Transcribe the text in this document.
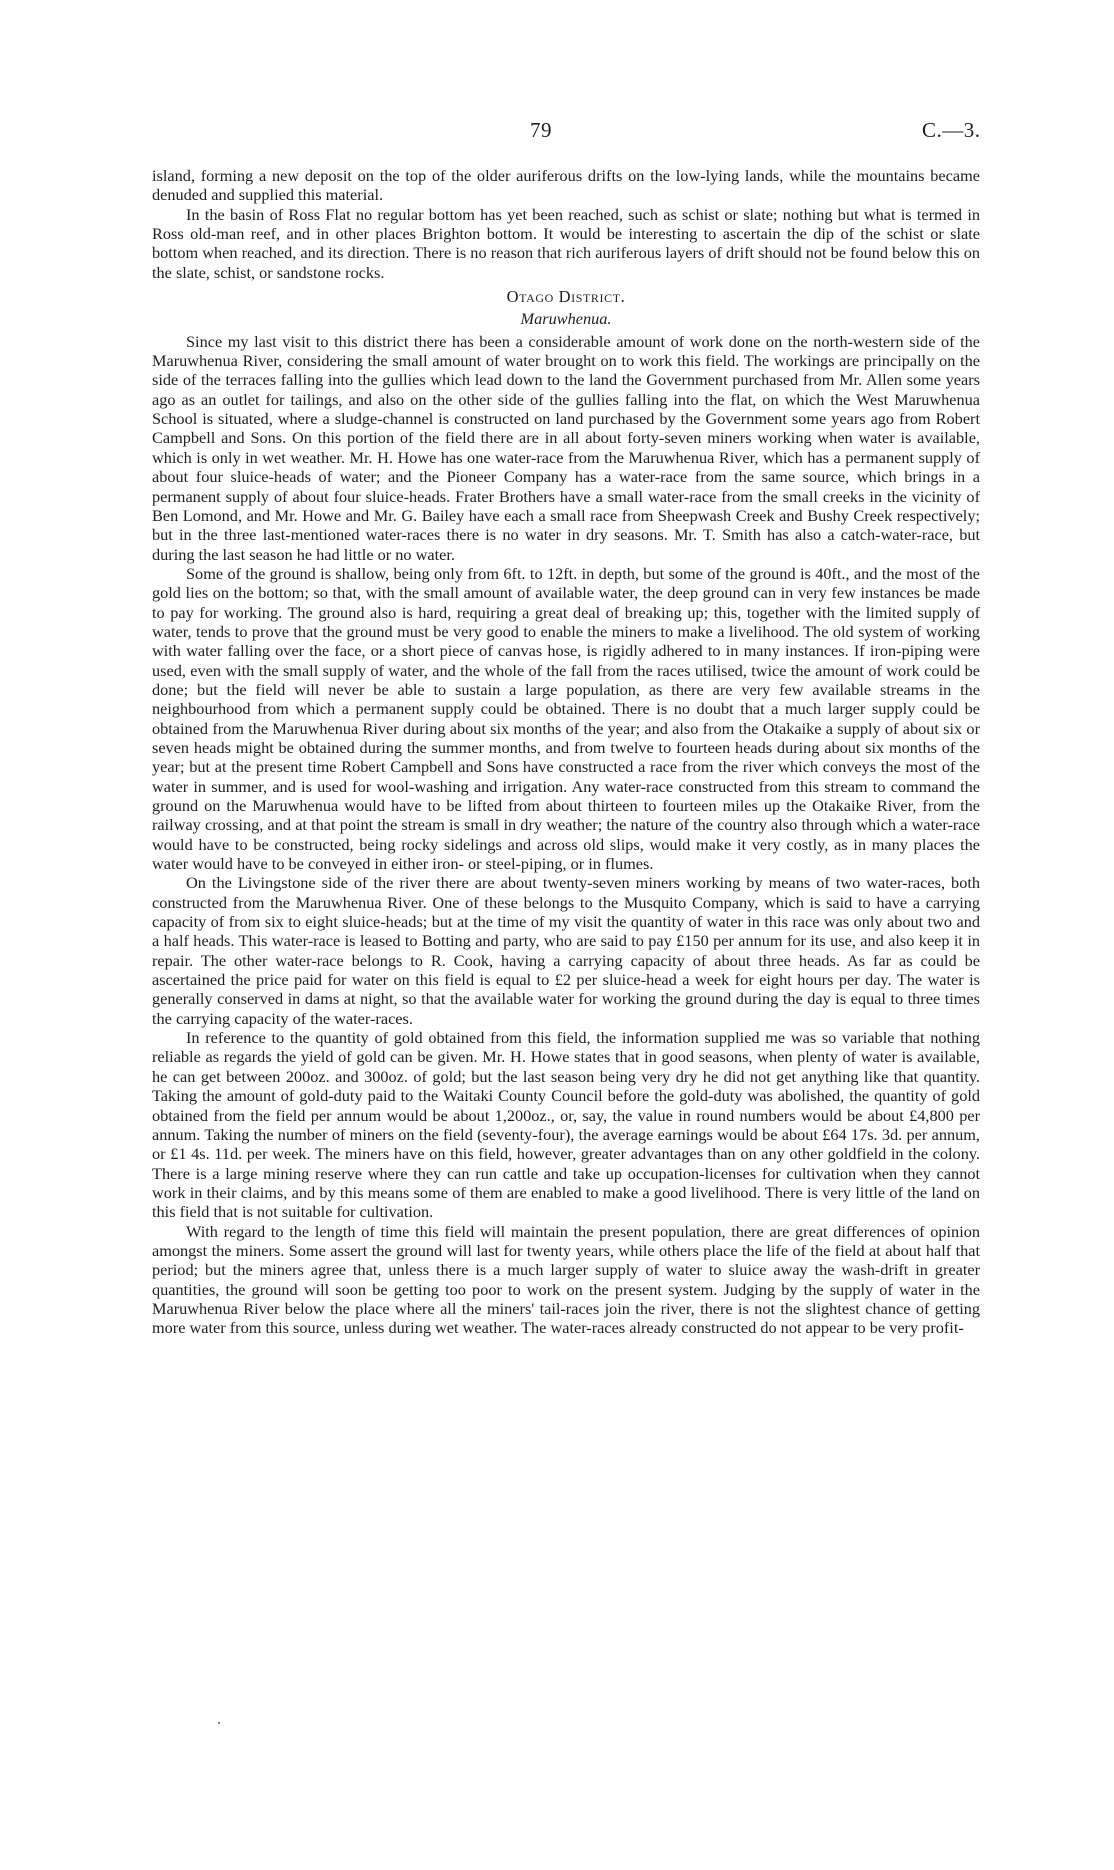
79	C.—3.

island, forming a new deposit on the top of the older auriferous drifts on the low-lying lands, while the mountains became denuded and supplied this material.

In the basin of Ross Flat no regular bottom has yet been reached, such as schist or slate; nothing but what is termed in Ross old-man reef, and in other places Brighton bottom. It would be interesting to ascertain the dip of the schist or slate bottom when reached, and its direction. There is no reason that rich auriferous layers of drift should not be found below this on the slate, schist, or sandstone rocks.

Otago District.
Maruwhenua.

Since my last visit to this district there has been a considerable amount of work done on the north-western side of the Maruwhenua River, considering the small amount of water brought on to work this field. The workings are principally on the side of the terraces falling into the gullies which lead down to the land the Government purchased from Mr. Allen some years ago as an outlet for tailings, and also on the other side of the gullies falling into the flat, on which the West Maruwhenua School is situated, where a sludge-channel is constructed on land purchased by the Government some years ago from Robert Campbell and Sons. On this portion of the field there are in all about forty-seven miners working when water is available, which is only in wet weather. Mr. H. Howe has one water-race from the Maruwhenua River, which has a permanent supply of about four sluice-heads of water; and the Pioneer Company has a water-race from the same source, which brings in a permanent supply of about four sluice-heads. Frater Brothers have a small water-race from the small creeks in the vicinity of Ben Lomond, and Mr. Howe and Mr. G. Bailey have each a small race from Sheepwash Creek and Bushy Creek respectively; but in the three last-mentioned water-races there is no water in dry seasons. Mr. T. Smith has also a catch-water-race, but during the last season he had little or no water.

Some of the ground is shallow, being only from 6ft. to 12ft. in depth, but some of the ground is 40ft., and the most of the gold lies on the bottom; so that, with the small amount of available water, the deep ground can in very few instances be made to pay for working. The ground also is hard, requiring a great deal of breaking up; this, together with the limited supply of water, tends to prove that the ground must be very good to enable the miners to make a livelihood. The old system of working with water falling over the face, or a short piece of canvas hose, is rigidly adhered to in many instances. If iron-piping were used, even with the small supply of water, and the whole of the fall from the races utilised, twice the amount of work could be done; but the field will never be able to sustain a large population, as there are very few available streams in the neighbourhood from which a permanent supply could be obtained. There is no doubt that a much larger supply could be obtained from the Maruwhenua River during about six months of the year; and also from the Otakaike a supply of about six or seven heads might be obtained during the summer months, and from twelve to fourteen heads during about six months of the year; but at the present time Robert Campbell and Sons have constructed a race from the river which conveys the most of the water in summer, and is used for wool-washing and irrigation. Any water-race constructed from this stream to command the ground on the Maruwhenua would have to be lifted from about thirteen to fourteen miles up the Otakaike River, from the railway crossing, and at that point the stream is small in dry weather; the nature of the country also through which a water-race would have to be constructed, being rocky sidelings and across old slips, would make it very costly, as in many places the water would have to be conveyed in either iron- or steel-piping, or in flumes.

On the Livingstone side of the river there are about twenty-seven miners working by means of two water-races, both constructed from the Maruwhenua River. One of these belongs to the Musquito Company, which is said to have a carrying capacity of from six to eight sluice-heads; but at the time of my visit the quantity of water in this race was only about two and a half heads. This water-race is leased to Botting and party, who are said to pay £150 per annum for its use, and also keep it in repair. The other water-race belongs to R. Cook, having a carrying capacity of about three heads. As far as could be ascertained the price paid for water on this field is equal to £2 per sluice-head a week for eight hours per day. The water is generally conserved in dams at night, so that the available water for working the ground during the day is equal to three times the carrying capacity of the water-races.

In reference to the quantity of gold obtained from this field, the information supplied me was so variable that nothing reliable as regards the yield of gold can be given. Mr. H. Howe states that in good seasons, when plenty of water is available, he can get between 200oz. and 300oz. of gold; but the last season being very dry he did not get anything like that quantity. Taking the amount of gold-duty paid to the Waitaki County Council before the gold-duty was abolished, the quantity of gold obtained from the field per annum would be about 1,200oz., or, say, the value in round numbers would be about £4,800 per annum. Taking the number of miners on the field (seventy-four), the average earnings would be about £64 17s. 3d. per annum, or £1 4s. 11d. per week. The miners have on this field, however, greater advantages than on any other goldfield in the colony. There is a large mining reserve where they can run cattle and take up occupation-licenses for cultivation when they cannot work in their claims, and by this means some of them are enabled to make a good livelihood. There is very little of the land on this field that is not suitable for cultivation.

With regard to the length of time this field will maintain the present population, there are great differences of opinion amongst the miners. Some assert the ground will last for twenty years, while others place the life of the field at about half that period; but the miners agree that, unless there is a much larger supply of water to sluice away the wash-drift in greater quantities, the ground will soon be getting too poor to work on the present system. Judging by the supply of water in the Maruwhenua River below the place where all the miners' tail-races join the river, there is not the slightest chance of getting more water from this source, unless during wet weather. The water-races already constructed do not appear to be very profit-
